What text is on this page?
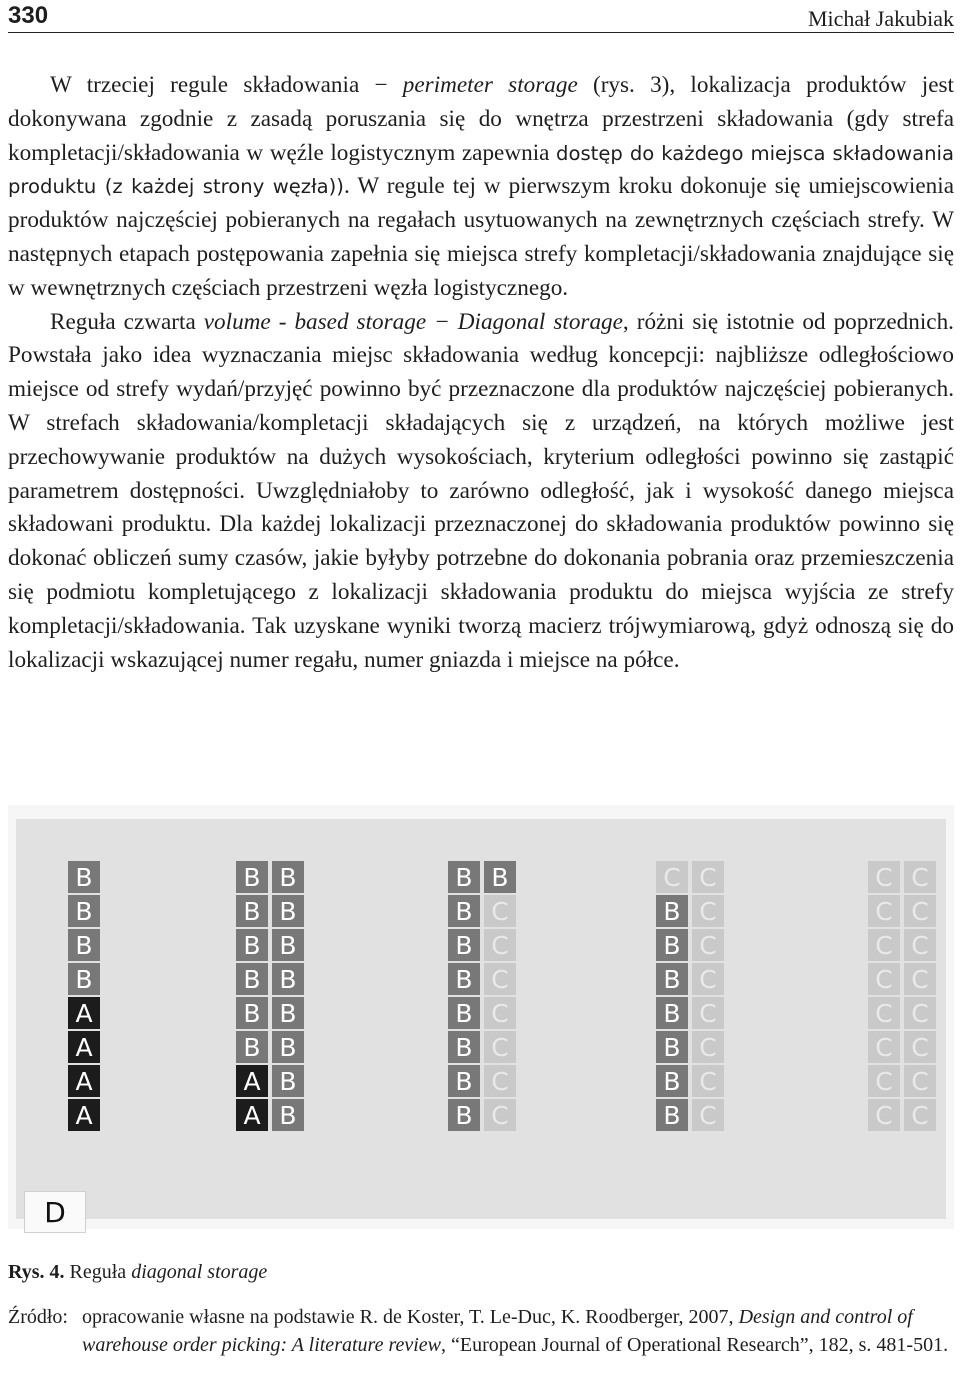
330	Michał Jakubiak

W trzeciej regule składowania − perimeter storage (rys. 3), lokalizacja produktów jest dokonywana zgodnie z zasadą poruszania się do wnętrza przestrzeni składowania (gdy strefa kompletacji/składowania w węźle logistycznym zapewnia dostęp do każdego miejsca składowania produktu (z każdej strony węzła)). W regule tej w pierwszym kroku dokonuje się umiejscowienia produktów najczęściej pobieranych na regałach usytuowanych na zewnętrznych częściach strefy. W następnych etapach postępowania zapełnia się miejsca strefy kompletacji/składowania znajdujące się w wewnętrznych częściach przestrzeni węzła logistycznego.

Reguła czwarta volume - based storage − Diagonal storage, różni się istotnie od poprzednich. Powstała jako idea wyznaczania miejsc składowania według koncepcji: najbliższe odległościowo miejsce od strefy wydań/przyjęć powinno być przeznaczone dla produktów najczęściej pobieranych. W strefach składowania/kompletacji składających się z urządzeń, na których możliwe jest przechowywanie produktów na dużych wysokościach, kryterium odległości powinno się zastąpić parametrem dostępności. Uwzględniałoby to zarówno odległość, jak i wysokość danego miejsca składowani produktu. Dla każdej lokalizacji przeznaczonej do składowania produktów powinno się dokonać obliczeń sumy czasów, jakie byłyby potrzebne do dokonania pobrania oraz przemieszczenia się podmiotu kompletującego z lokalizacji składowania produktu do miejsca wyjścia ze strefy kompletacji/składowania. Tak uzyskane wyniki tworzą macierz trójwymiarową, gdyż odnoszą się do lokalizacji wskazującej numer regału, numer gniazda i miejsce na półce.

D
B
B
B
B
A
A
A
A
B
B
B
B
B
B
A
A
B
B
B
B
B
B
B
B
B
B
B
B
B
B
B
B
B
C
C
C
C
C
C
C
C
B
B
B
B
B
B
B
C
C
C
C
C
C
C
C
C
C
C
C
C
C
C
C
C
C
C
C
C
C
C
C
Rys. 4. Reguła diagonal storage
Źródło: opracowanie własne na podstawie R. de Koster, T. Le-Duc, K. Roodberger, 2007, Design and control of warehouse order picking: A literature review, “European Journal of Operational Research”, 182, s. 481-501.
